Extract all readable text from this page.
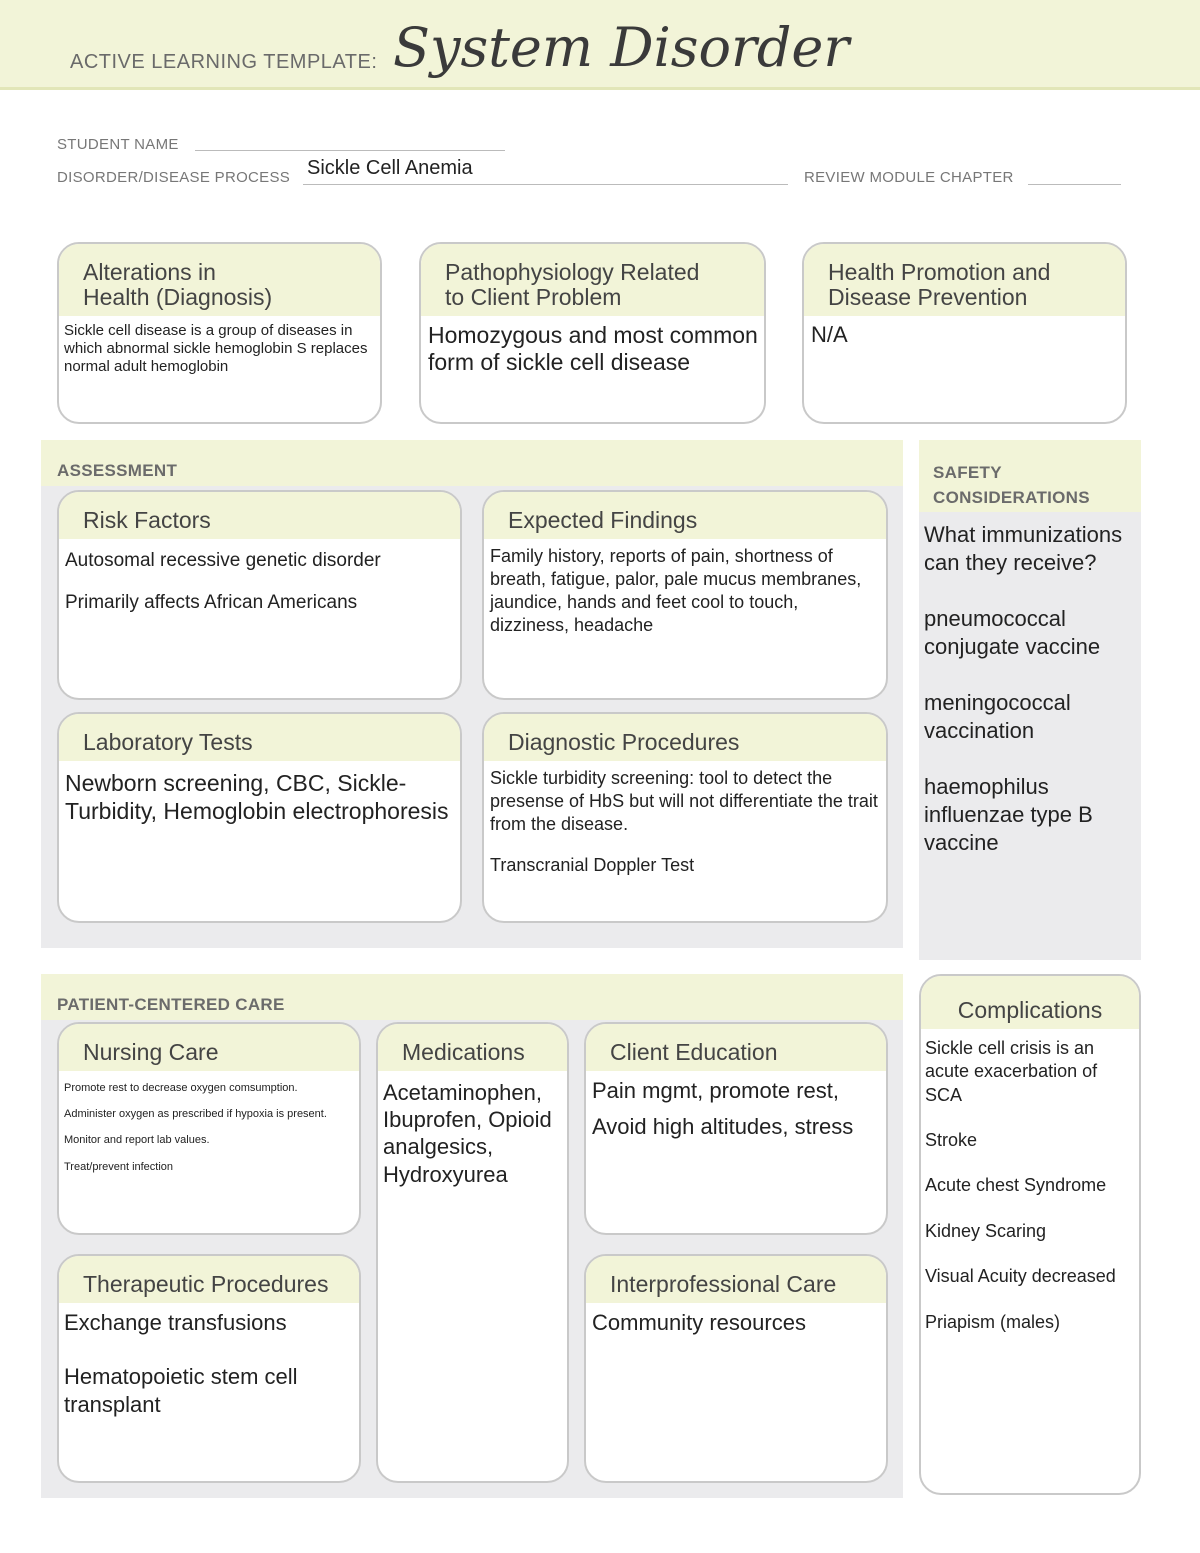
ACTIVE LEARNING TEMPLATE: System Disorder
STUDENT NAME
DISORDER/DISEASE PROCESS Sickle Cell Anemia	REVIEW MODULE CHAPTER
Alterations in
Health (Diagnosis)
Sickle cell disease is a group of diseases in which abnormal sickle hemoglobin S replaces normal adult hemoglobin
Pathophysiology Related
to Client Problem
Homozygous and most common form of sickle cell disease
Health Promotion and
Disease Prevention
N/A
ASSESSMENT
Risk Factors
Autosomal recessive genetic disorder
Primarily affects African Americans
Expected Findings
Family history, reports of pain, shortness of breath, fatigue, palor, pale mucus membranes, jaundice, hands and feet cool to touch, dizziness, headache
Laboratory Tests
Newborn screening, CBC, Sickle-Turbidity, Hemoglobin electrophoresis
Diagnostic Procedures
Sickle turbidity screening: tool to detect the presense of HbS but will not differentiate the trait from the disease.
Transcranial Doppler Test
SAFETY
CONSIDERATIONS
What immunizations can they receive?
pneumococcal conjugate vaccine
meningococcal vaccination
haemophilus influenzae type B vaccine
PATIENT-CENTERED CARE
Nursing Care
Promote rest to decrease oxygen comsumption.
Administer oxygen as prescribed if hypoxia is present.
Monitor and report lab values.
Treat/prevent infection
Medications
Acetaminophen, Ibuprofen, Opioid analgesics, Hydroxyurea
Client Education
Pain mgmt, promote rest,
Avoid high altitudes, stress
Therapeutic Procedures
Exchange transfusions
Hematopoietic stem cell transplant
Interprofessional Care
Community resources
Complications
Sickle cell crisis is an acute exacerbation of SCA
Stroke
Acute chest Syndrome
Kidney Scaring
Visual Acuity decreased
Priapism (males)
